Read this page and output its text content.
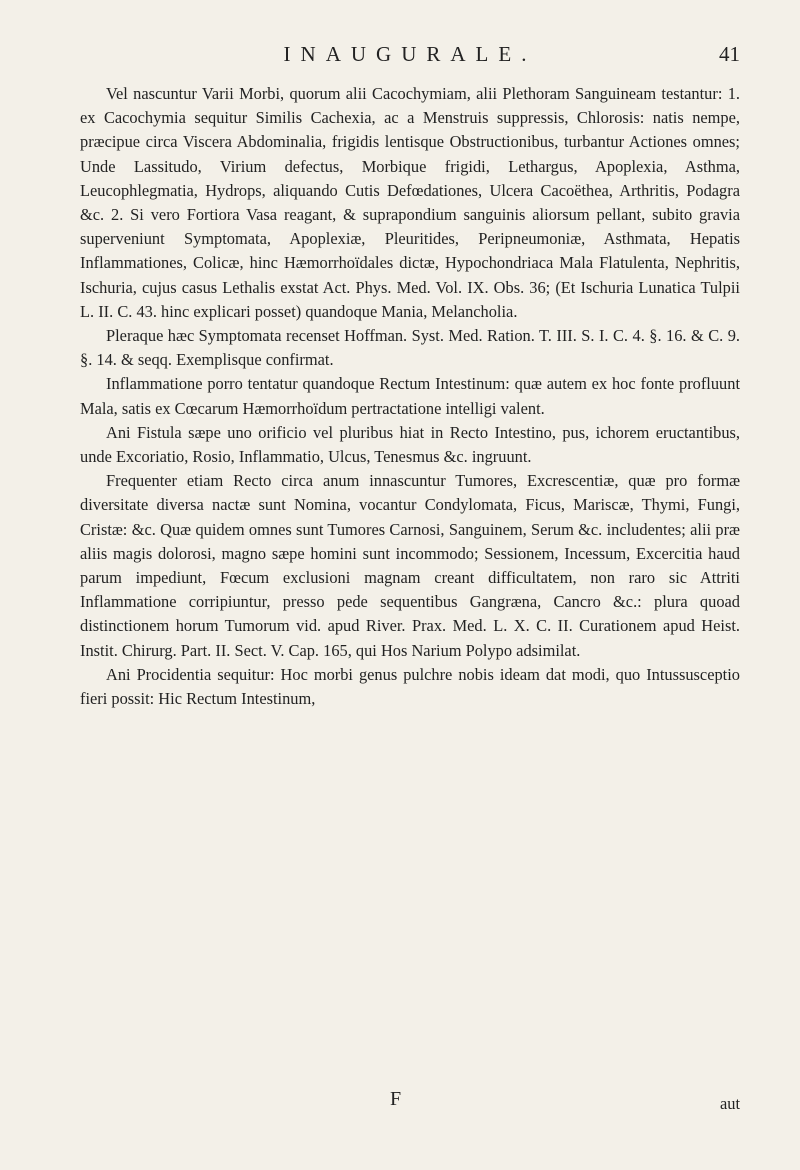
INAUGURALE.	41

Vel nascuntur Varii Morbi, quorum alii Cacochymiam, alii Plethoram Sanguineam testantur: 1. ex Cacochymia sequitur Similis Cachexia, ac a Menstruis suppressis, Chlorosis: natis nempe, præcipue circa Viscera Abdominalia, frigidis lentisque Obstructionibus, turbantur Actiones omnes; Unde Lassitudo, Virium defectus, Morbique frigidi, Lethargus, Apoplexia, Asthma, Leucophlegmatia, Hydrops, aliquando Cutis Defœdationes, Ulcera Cacoëthea, Arthritis, Podagra &c. 2. Si vero Fortiora Vasa reagant, & suprapondium sanguinis aliorsum pellant, subito gravia superveniunt Symptomata, Apoplexiæ, Pleuritides, Peripneumoniæ, Asthmata, Hepatis Inflammationes, Colicæ, hinc Hæmorrhoïdales dictæ, Hypochondriaca Mala Flatulenta, Nephritis, Ischuria, cujus casus Lethalis exstat Act. Phys. Med. Vol. IX. Obs. 36; (Et Ischuria Lunatica Tulpii L. II. C. 43. hinc explicari posset) quandoque Mania, Melancholia.

Pleraque hæc Symptomata recenset Hoffman. Syst. Med. Ration. T. III. S. I. C. 4. §. 16. & C. 9. §. 14. & seqq. Exemplisque confirmat.

Inflammatione porro tentatur quandoque Rectum Intestinum: quæ autem ex hoc fonte profluunt Mala, satis ex Cœcarum Hæmorrhoïdum pertractatione intelligi valent.

Ani Fistula sæpe uno orificio vel pluribus hiat in Recto Intestino, pus, ichorem eructantibus, unde Excoriatio, Rosio, Inflammatio, Ulcus, Tenesmus &c. ingruunt.

Frequenter etiam Recto circa anum innascuntur Tumores, Excrescentiæ, quæ pro formæ diversitate diversa nactæ sunt Nomina, vocantur Condylomata, Ficus, Mariscæ, Thymi, Fungi, Cristæ: &c. Quæ quidem omnes sunt Tumores Carnosi, Sanguinem, Serum &c. includentes; alii præ aliis magis dolorosi, magno sæpe homini sunt incommodo; Sessionem, Incessum, Excercitia haud parum impediunt, Fœcum exclusioni magnam creant difficultatem, non raro sic Attriti Inflammatione corripiuntur, presso pede sequentibus Gangræna, Cancro &c.: plura quoad distinctionem horum Tumorum vid. apud River. Prax. Med. L. X. C. II. Curationem apud Heist. Instit. Chirurg. Part. II. Sect. V. Cap. 165, qui Hos Narium Polypo adsimilat.

Ani Procidentia sequitur: Hoc morbi genus pulchre nobis ideam dat modi, quo Intussusceptio fieri possit: Hic Rectum Intestinum,

F	aut
